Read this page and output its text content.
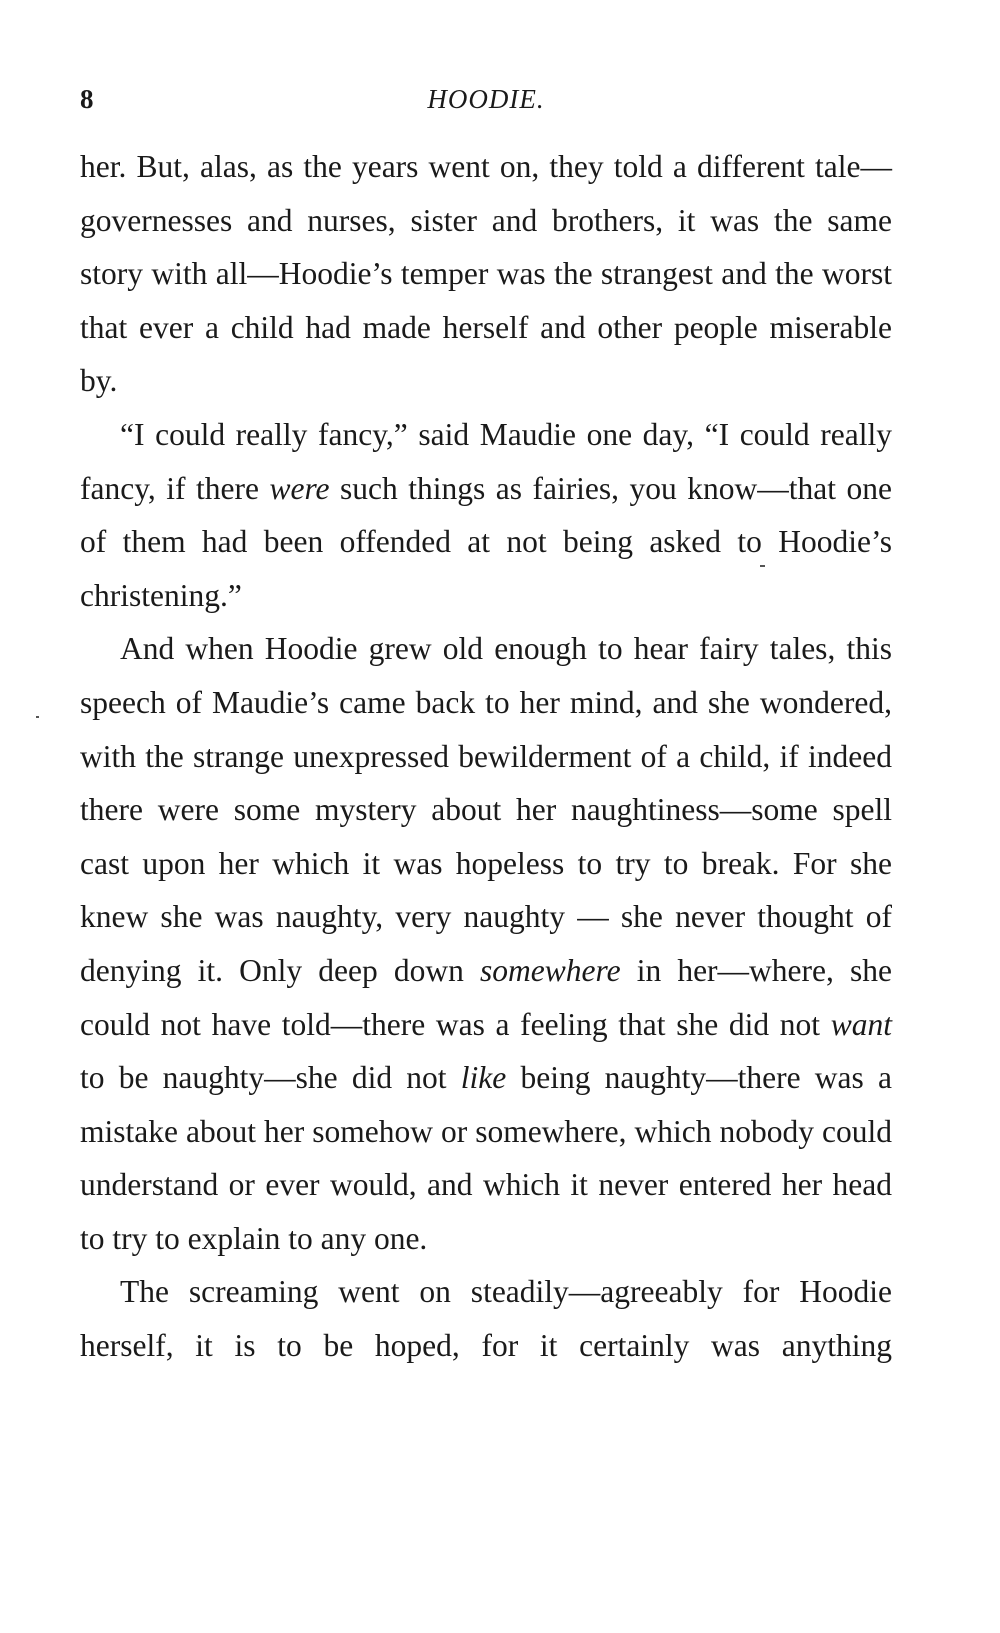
8	HOODIE.

her. But, alas, as the years went on, they told a different tale—governesses and nurses, sister and brothers, it was the same story with all—Hoodie’s temper was the strangest and the worst that ever a child had made herself and other people miserable by.

“I could really fancy,” said Maudie one day, “I could really fancy, if there were such things as fairies, you know—that one of them had been offended at not being asked to Hoodie’s christening.”

And when Hoodie grew old enough to hear fairy tales, this speech of Maudie’s came back to her mind, and she wondered, with the strange unexpressed bewilderment of a child, if indeed there were some mystery about her naughtiness—some spell cast upon her which it was hopeless to try to break. For she knew she was naughty, very naughty — she never thought of denying it. Only deep down somewhere in her—where, she could not have told—there was a feeling that she did not want to be naughty—she did not like being naughty—there was a mistake about her somehow or somewhere, which nobody could understand or ever would, and which it never entered her head to try to explain to any one.

The screaming went on steadily—agreeably for Hoodie herself, it is to be hoped, for it certainly was anything
